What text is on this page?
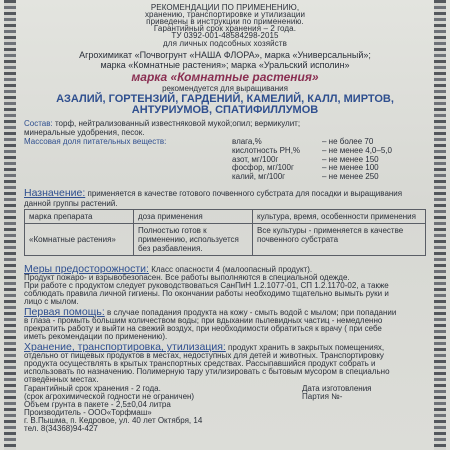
РЕКОМЕНДАЦИИ ПО ПРИМЕНЕНИЮ,
хранению, транспортировке и утилизации
приведены в инструкции по применению.
Гарантийный срок хранения – 2 года.
ТУ 0392-001-48584298-2015
для личных подсобных хозяйств
Агрохимикат «Почвогрунт «НАША ФЛОРА», марка «Универсальный»;
марка «Комнатные растения»; марка «Уральский исполин»
марка «Комнатные растения»
рекомендуется для выращивания
АЗАЛИЙ, ГОРТЕНЗИЙ, ГАРДЕНИЙ, КАМЕЛИЙ, КАЛЛ, МИРТОВ,
АНТУРИУМОВ, СПАТИФИЛЛУМОВ
Состав: торф, нейтрализованный известняковой мукой;опил; вермикулит;
минеральные удобрения, песок.
Массовая доля питательных веществ:	влага,%	– не более 70
кислотность PH,%	– не менее 4,0–5,0
азот, мг/100г	– не менее 150
фосфор, мг/100г	– не менее 100
калий, мг/100г	– не менее 250
Назначение: применяется в качестве готового почвенного субстрата для посадки и выращивания
данной группы растений.
марка препарата	доза применения	культура, время, особенности применения
«Комнатные растения»	Полностью готов к применению, используется без разбавления.	Все культуры - применяется в качестве почвенного субстрата
Меры предосторожности: Класс опасности 4 (малоопасный продукт).
Продукт пожаро- и взрывобезопасен. Все работы выполняются в специальной одежде.
При работе с продуктом следует руководствоваться СанПиН 1.2.1077-01, СП 1.2.1170-02, а также
соблюдать правила личной гигиены. По окончании работы необходимо тщательно вымыть руки и
лицо с мылом.
Первая помощь: в случае попадания продукта на кожу - смыть водой с мылом; при попадании
в глаза - промыть большим количеством воды; при вдыхании пылевидных частиц - немедленно
прекратить работу и выйти на свежий воздух, при необходимости обратиться к врачу ( при себе
иметь рекомендации по применению).
Хранение, транспортировка, утилизация: продукт хранить в закрытых помещениях,
отдельно от пищевых продуктов в местах, недоступных для детей и животных. Транспортировку
продукта осуществлять в крытых транспортных средствах. Рассыпавшийся продукт собрать и
использовать по назначению. Полимерную тару утилизировать с бытовым мусором в специально
отведённых местах.
Гарантийный срок хранения - 2 года.	Дата изготовления
(срок агрохимической годности не ограничен)	Партия №-
Объем грунта в пакете - 2,5±0,04 литра
Производитель - ООО«Торфмаш»
г. В.Пышма, п. Кедровое, ул. 40 лет Октября, 14
тел. 8(34368)94-427
